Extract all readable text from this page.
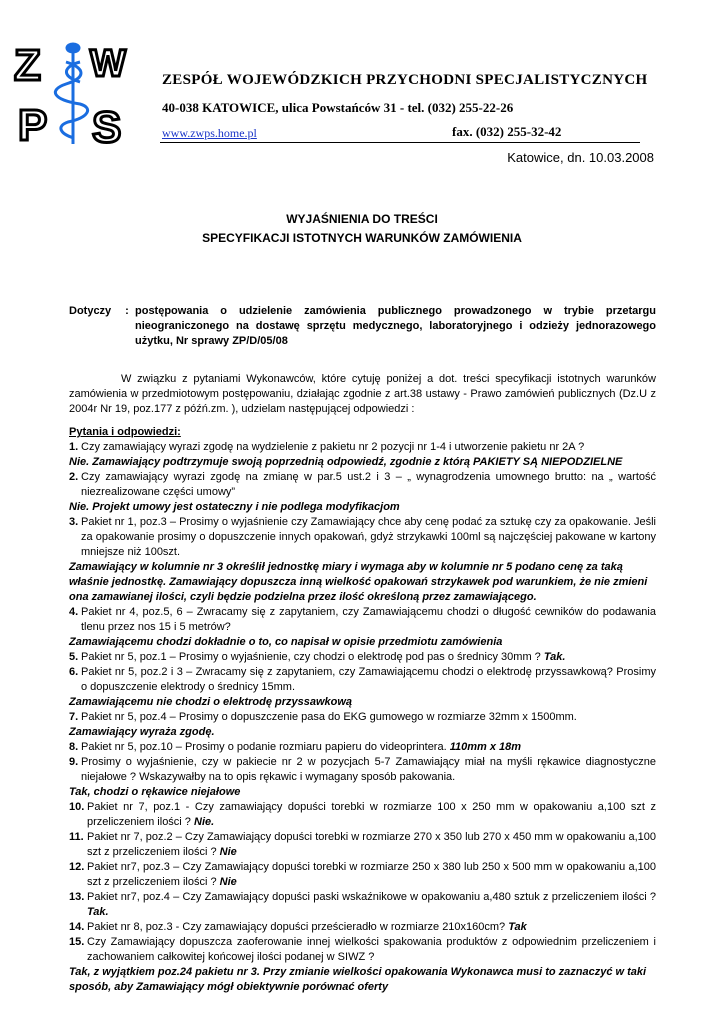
Z W
P S
ZESPÓŁ WOJEWÓDZKICH PRZYCHODNI SPECJALISTYCZNYCH
40-038 KATOWICE, ulica Powstańców 31 - tel. (032) 255-22-26
www.zwps.home.pl	fax. (032) 255-32-42
Katowice, dn. 10.03.2008
WYJAŚNIENIA DO TREŚCI
SPECYFIKACJI ISTOTNYCH WARUNKÓW ZAMÓWIENIA
Dotyczy	: postępowania o udzielenie zamówienia publicznego prowadzonego w trybie przetargu nieograniczonego na dostawę sprzętu medycznego, laboratoryjnego i odzieży jednorazowego użytku, Nr sprawy ZP/D/05/08
W związku z pytaniami Wykonawców, które cytuję poniżej a dot. treści specyfikacji istotnych warunków zamówienia w przedmiotowym postępowaniu, działając zgodnie z art.38 ustawy - Prawo zamówień publicznych (Dz.U z 2004r Nr 19, poz.177 z późń.zm. ), udzielam następującej odpowiedzi :

Pytania i odpowiedzi:

1. Czy zamawiający wyrazi zgodę na wydzielenie z pakietu nr 2 pozycji nr 1-4 i utworzenie pakietu nr 2A ?

Nie. Zamawiający podtrzymuje swoją poprzednią odpowiedź, zgodnie z którą PAKIETY SĄ NIEPODZIELNE

2. Czy zamawiający wyrazi zgodę na zmianę w par.5 ust.2 i 3 – „ wynagrodzenia umownego brutto: na „ wartość niezrealizowane części umowy”

Nie. Projekt umowy jest ostateczny i nie podlega modyfikacjom

3. Pakiet nr 1, poz.3 – Prosimy o wyjaśnienie czy Zamawiający chce aby cenę podać za sztukę czy za opakowanie. Jeśli za opakowanie prosimy o dopuszczenie innych opakowań, gdyż strzykawki 100ml są najczęściej pakowane w kartony mniejsze niż 100szt.

Zamawiający w kolumnie nr 3 określił jednostkę miary i wymaga aby w kolumnie nr 5 podano cenę za taką właśnie jednostkę. Zamawiający dopuszcza inną wielkość opakowań strzykawek pod warunkiem, że nie zmieni ona zamawianej ilości, czyli będzie podzielna przez ilość określoną przez zamawiającego.

4. Pakiet nr 4, poz.5, 6 – Zwracamy się z zapytaniem, czy Zamawiającemu chodzi o długość cewników do podawania tlenu przez nos 15 i 5 metrów?

Zamawiającemu chodzi dokładnie o to, co napisał w opisie przedmiotu zamówienia

5. Pakiet nr 5, poz.1 – Prosimy o wyjaśnienie, czy chodzi o elektrodę pod pas o średnicy 30mm ? Tak.
6. Pakiet nr 5, poz.2 i 3 – Zwracamy się z zapytaniem, czy Zamawiającemu chodzi o elektrodę przyssawkową? Prosimy o dopuszczenie elektrody o średnicy 15mm.

Zamawiającemu nie chodzi o elektrodę przyssawkową

7. Pakiet nr 5, poz.4 – Prosimy o dopuszczenie pasa do EKG gumowego w rozmiarze 32mm x 1500mm.

Zamawiający wyraża zgodę.

8. Pakiet nr 5, poz.10 – Prosimy o podanie rozmiaru papieru do videoprintera. 110mm x 18m
9. Prosimy o wyjaśnienie, czy w pakiecie nr 2 w pozycjach 5-7 Zamawiający miał na myśli rękawice diagnostyczne niejałowe ? Wskazywałby na to opis rękawic i wymagany sposób pakowania.

Tak, chodzi o rękawice niejałowe

10. Pakiet nr 7, poz.1 - Czy zamawiający dopuści torebki w rozmiarze 100 x 250 mm w opakowaniu a,100 szt z przeliczeniem ilości ? Nie.
11. Pakiet nr 7, poz.2 – Czy Zamawiający dopuści torebki w rozmiarze 270 x 350 lub 270 x 450 mm w opakowaniu a,100 szt z przeliczeniem ilości ? Nie
12. Pakiet nr7, poz.3 – Czy Zamawiający dopuści torebki w rozmiarze 250 x 380 lub 250 x 500 mm w opakowaniu a,100 szt z przeliczeniem ilości ? Nie
13. Pakiet nr7, poz.4 – Czy Zamawiający dopuści paski wskaźnikowe w opakowaniu a,480 sztuk z przeliczeniem ilości ? Tak.
14. Pakiet nr 8, poz.3 - Czy zamawiający dopuści prześcieradło w rozmiarze 210x160cm? Tak
15. Czy Zamawiający dopuszcza zaoferowanie innej wielkości spakowania produktów z odpowiednim przeliczeniem i zachowaniem całkowitej końcowej ilości podanej w SIWZ ?

Tak, z wyjątkiem poz.24 pakietu nr 3. Przy zmianie wielkości opakowania Wykonawca musi to zaznaczyć w taki sposób, aby Zamawiający mógł obiektywnie porównać oferty
